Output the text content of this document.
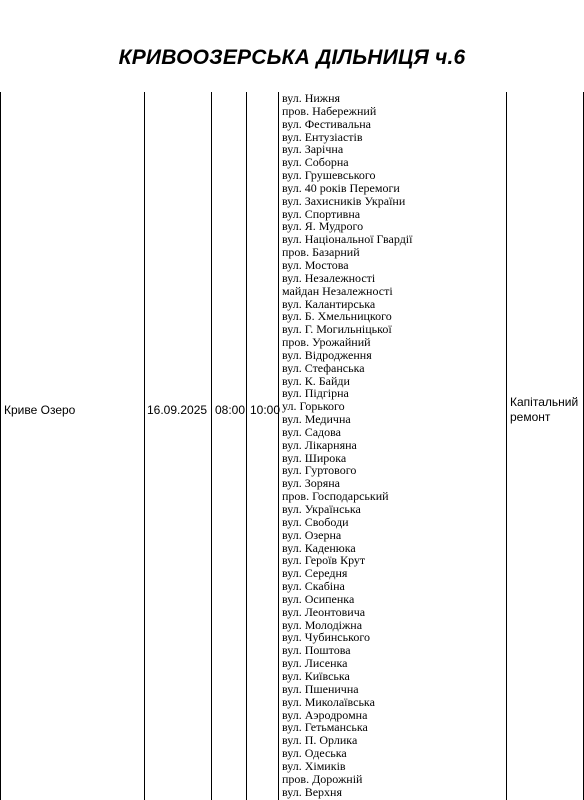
КРИВООЗЕРСЬКА ДІЛЬНИЦЯ ч.6
Криве Озеро	16.09.2025 08:00 10:00
Капітальний ремонт
вул. Нижня
пров. Набережний
вул. Фестивальна
вул. Ентузіастів
вул. Зарічна
вул. Соборна
вул. Грушевського
вул. 40 років Перемоги
вул. Захисників України
вул. Спортивна
вул. Я. Мудрого
вул. Національної Гвардії
пров. Базарний
вул. Мостова
вул. Незалежності
майдан Незалежності
вул. Калантирська
вул. Б. Хмельницкого
вул. Г. Могильніцької
пров. Урожайний
вул. Відродження
вул. Стефанська
вул. К. Байди
вул. Підгірна
ул. Горького
вул. Медична
вул. Садова
вул. Лікарняна
вул. Широка
вул. Гуртового
вул. Зоряна
пров. Господарський
вул. Українська
вул. Свободи
вул. Озерна
вул. Каденюка
вул. Героїв Крут
вул. Середня
вул. Скабіна
вул. Осипенка
вул. Леонтовича
вул. Молодіжна
вул. Чубинського
вул. Поштова
вул. Лисенка
вул. Київська
вул. Пшенична
вул. Миколаївська
вул. Аэродромна
вул. Гетьманська
вул. П. Орлика
вул. Одеська
вул. Хімиків
пров. Дорожній
вул. Верхня
